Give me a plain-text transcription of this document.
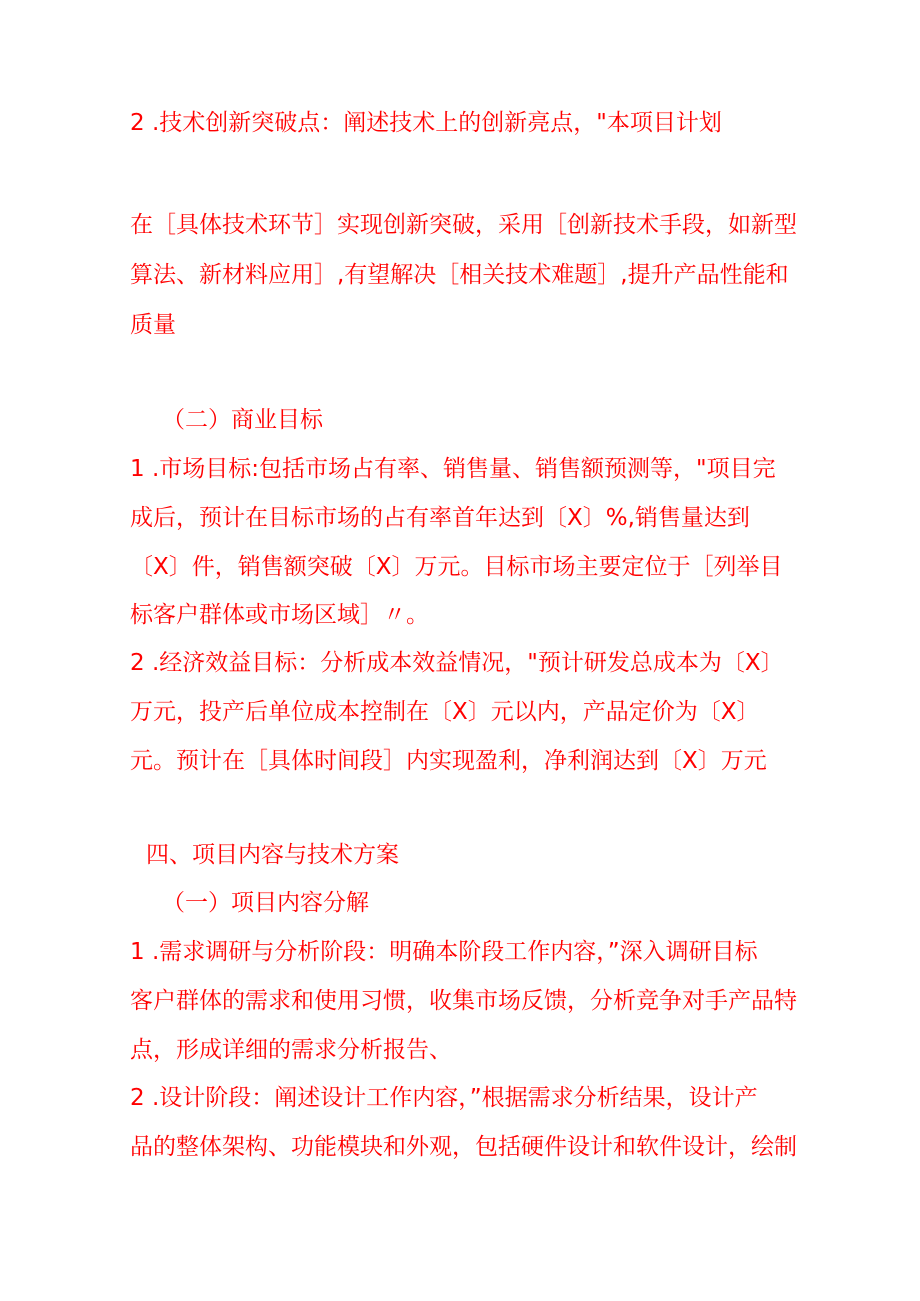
2 .技术创新突破点：阐述技术上的创新亮点，"本项目计划
在［具体技术环节］实现创新突破，采用［创新技术手段，如新型
算法、新材料应用］,有望解决［相关技术难题］,提升产品性能和
质量
（二）商业目标
1 .市场目标:包括市场占有率、销售量、销售额预测等，"项目完
成后，预计在目标市场的占有率首年达到〔X〕%,销售量达到
〔X〕件，销售额突破〔X〕万元。目标市场主要定位于［列举目
标客户群体或市场区域］〃。
2 .经济效益目标：分析成本效益情况，"预计研发总成本为〔X〕
万元，投产后单位成本控制在〔X〕元以内，产品定价为〔X〕
元。预计在［具体时间段］内实现盈利，净利润达到〔X〕万元
四、项目内容与技术方案
（一）项目内容分解
1 .需求调研与分析阶段：明确本阶段工作内容，”深入调研目标
客户群体的需求和使用习惯，收集市场反馈，分析竞争对手产品特
点，形成详细的需求分析报告、
2 .设计阶段：阐述设计工作内容，”根据需求分析结果，设计产
品的整体架构、功能模块和外观，包括硬件设计和软件设计，绘制
